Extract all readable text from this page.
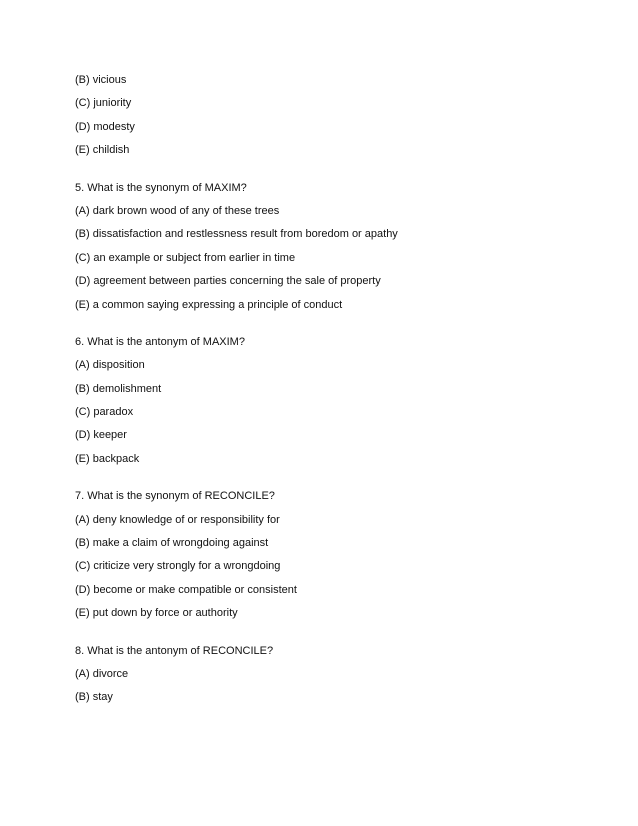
(B) vicious
(C) juniority
(D) modesty
(E) childish
5. What is the synonym of MAXIM?
(A) dark brown wood of any of these trees
(B) dissatisfaction and restlessness result from boredom or apathy
(C) an example or subject from earlier in time
(D) agreement between parties concerning the sale of property
(E) a common saying expressing a principle of conduct
6. What is the antonym of MAXIM?
(A) disposition
(B) demolishment
(C) paradox
(D) keeper
(E) backpack
7. What is the synonym of RECONCILE?
(A) deny knowledge of or responsibility for
(B) make a claim of wrongdoing against
(C) criticize very strongly for a wrongdoing
(D) become or make compatible or consistent
(E) put down by force or authority
8. What is the antonym of RECONCILE?
(A) divorce
(B) stay
